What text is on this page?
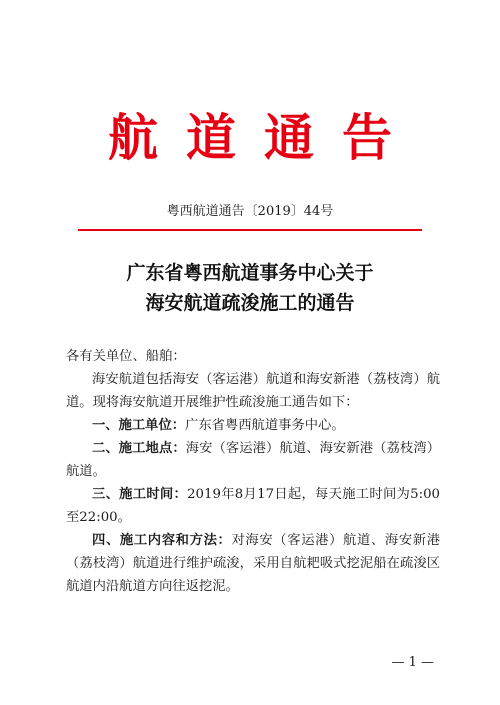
航道通告
粤西航道通告〔2019〕44号
广东省粤西航道事务中心关于
海安航道疏浚施工的通告

各有关单位、船舶：

海安航道包括海安（客运港）航道和海安新港（荔枝湾）航道。现将海安航道开展维护性疏浚施工通告如下：

一、施工单位：广东省粤西航道事务中心。

二、施工地点：海安（客运港）航道、海安新港（荔枝湾）航道。

三、施工时间：2019年8月17日起，每天施工时间为5:00至22:00。

四、施工内容和方法：对海安（客运港）航道、海安新港（荔枝湾）航道进行维护疏浚，采用自航耙吸式挖泥船在疏浚区航道内沿航道方向往返挖泥。

— 1 —
